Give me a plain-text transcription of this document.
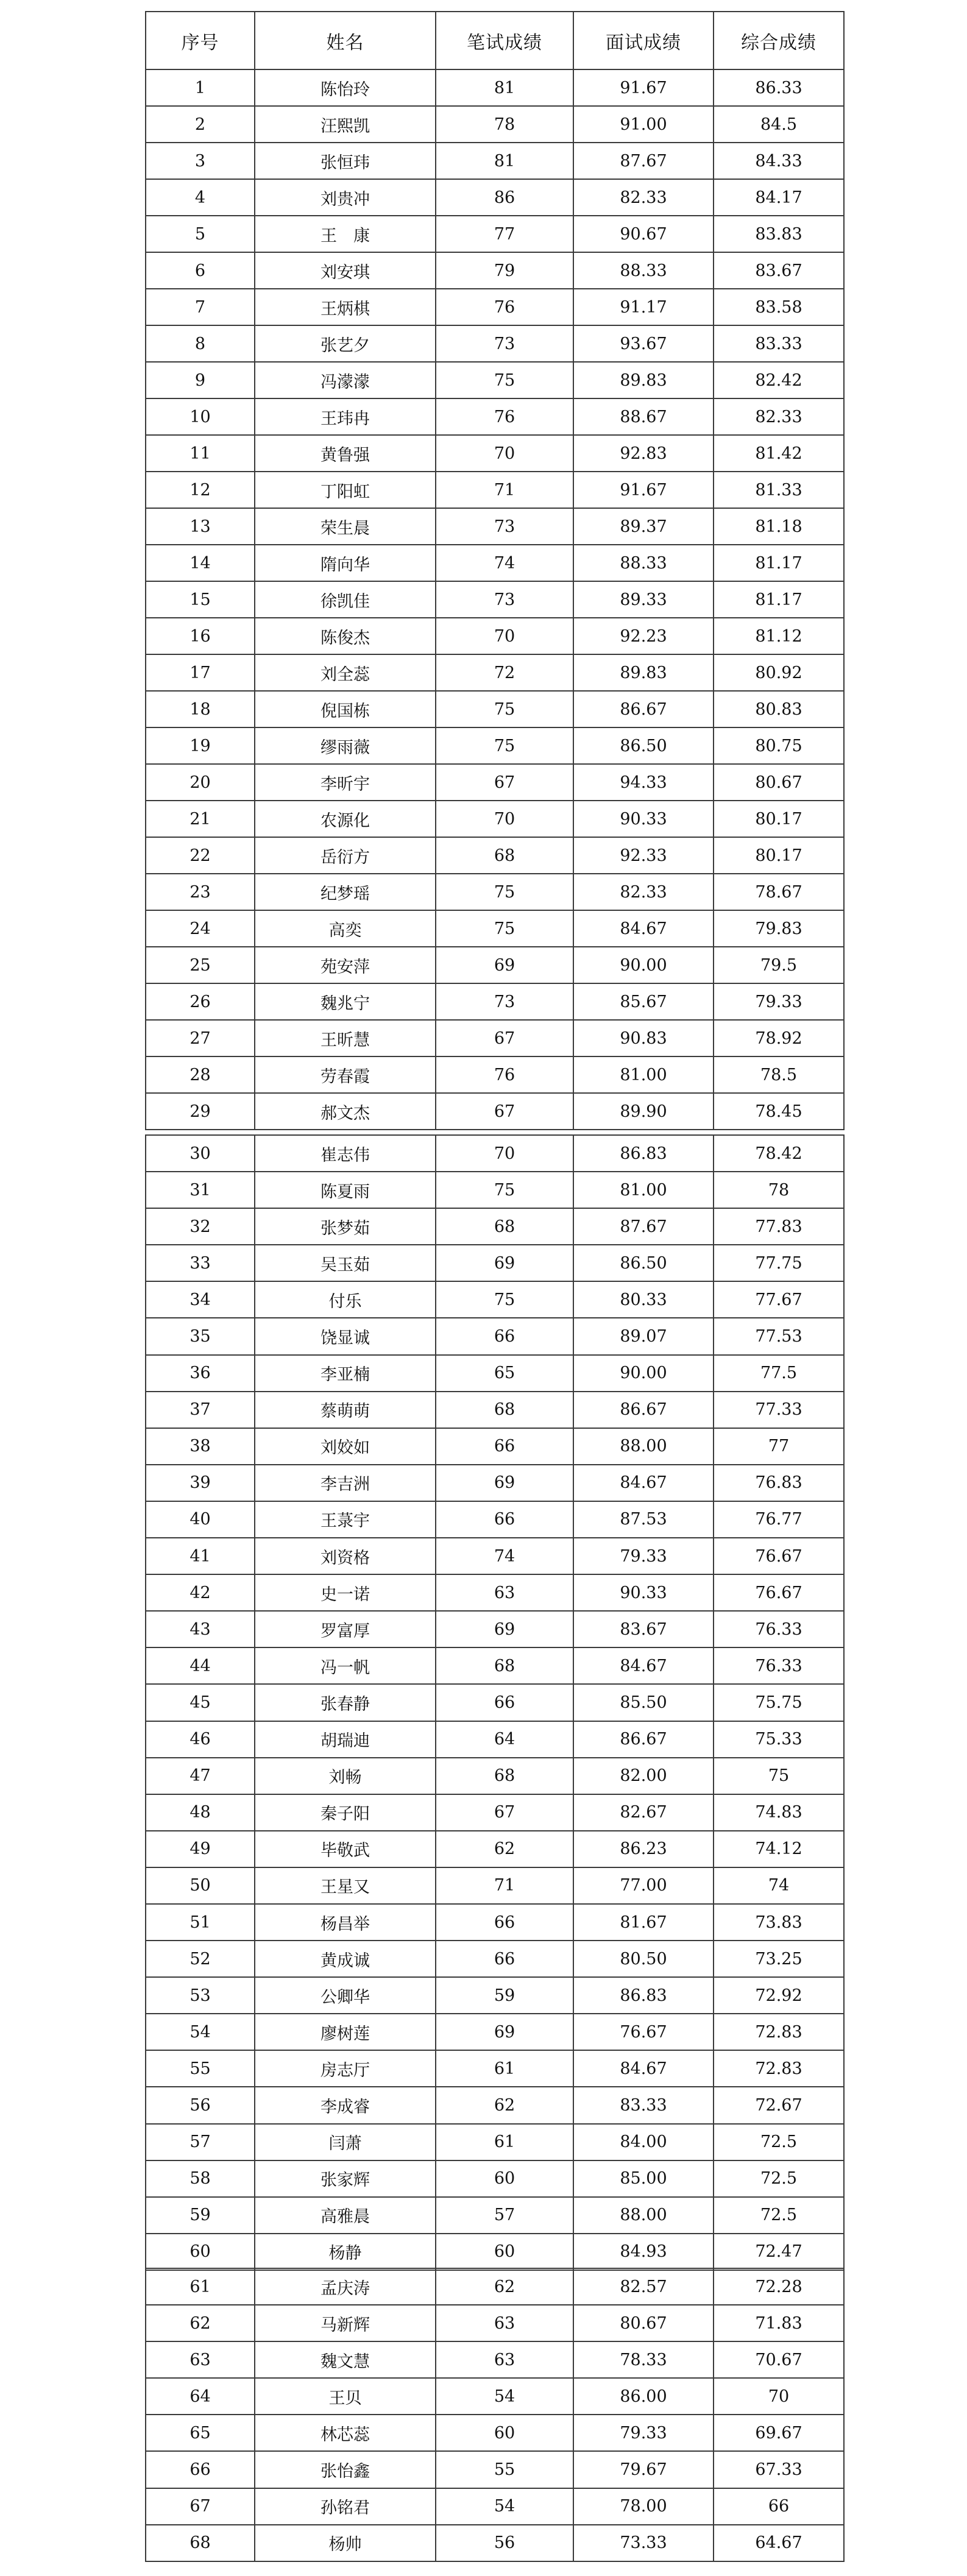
序号	姓名	笔试成绩	面试成绩	综合成绩
1	陈怡玲	81	91.67	86.33
2	汪熙凯	78	91.00	84.5
3	张恒玮	81	87.67	84.33
4	刘贵冲	86	82.33	84.17
5	王　康	77	90.67	83.83
6	刘安琪	79	88.33	83.67
7	王炳棋	76	91.17	83.58
8	张艺夕	73	93.67	83.33
9	冯濛濛	75	89.83	82.42
10	王玮冉	76	88.67	82.33
11	黄鲁强	70	92.83	81.42
12	丁阳虹	71	91.67	81.33
13	荣生晨	73	89.37	81.18
14	隋向华	74	88.33	81.17
15	徐凯佳	73	89.33	81.17
16	陈俊杰	70	92.23	81.12
17	刘全蕊	72	89.83	80.92
18	倪国栋	75	86.67	80.83
19	缪雨薇	75	86.50	80.75
20	李昕宇	67	94.33	80.67
21	农源化	70	90.33	80.17
22	岳衍方	68	92.33	80.17
23	纪梦瑶	75	82.33	78.67
24	高奕	75	84.67	79.83
25	苑安萍	69	90.00	79.5
26	魏兆宁	73	85.67	79.33
27	王昕慧	67	90.83	78.92
28	劳春霞	76	81.00	78.5
29	郝文杰	67	89.90	78.45
30	崔志伟	70	86.83	78.42
31	陈夏雨	75	81.00	78
32	张梦茹	68	87.67	77.83
33	吴玉茹	69	86.50	77.75
34	付乐	75	80.33	77.67
35	饶显诚	66	89.07	77.53
36	李亚楠	65	90.00	77.5
37	蔡萌萌	68	86.67	77.33
38	刘姣如	66	88.00	77
39	李吉洲	69	84.67	76.83
40	王菉宇	66	87.53	76.77
41	刘资格	74	79.33	76.67
42	史一诺	63	90.33	76.67
43	罗富厚	69	83.67	76.33
44	冯一帆	68	84.67	76.33
45	张春静	66	85.50	75.75
46	胡瑞迪	64	86.67	75.33
47	刘畅	68	82.00	75
48	秦子阳	67	82.67	74.83
49	毕敬武	62	86.23	74.12
50	王星又	71	77.00	74
51	杨昌举	66	81.67	73.83
52	黄成诚	66	80.50	73.25
53	公卿华	59	86.83	72.92
54	廖树莲	69	76.67	72.83
55	房志厅	61	84.67	72.83
56	李成睿	62	83.33	72.67
57	闫萧	61	84.00	72.5
58	张家辉	60	85.00	72.5
59	高雅晨	57	88.00	72.5
60	杨静	60	84.93	72.47
61	孟庆涛	62	82.57	72.28
62	马新辉	63	80.67	71.83
63	魏文慧	63	78.33	70.67
64	王贝	54	86.00	70
65	林芯蕊	60	79.33	69.67
66	张怡鑫	55	79.67	67.33
67	孙铭君	54	78.00	66
68	杨帅	56	73.33	64.67
